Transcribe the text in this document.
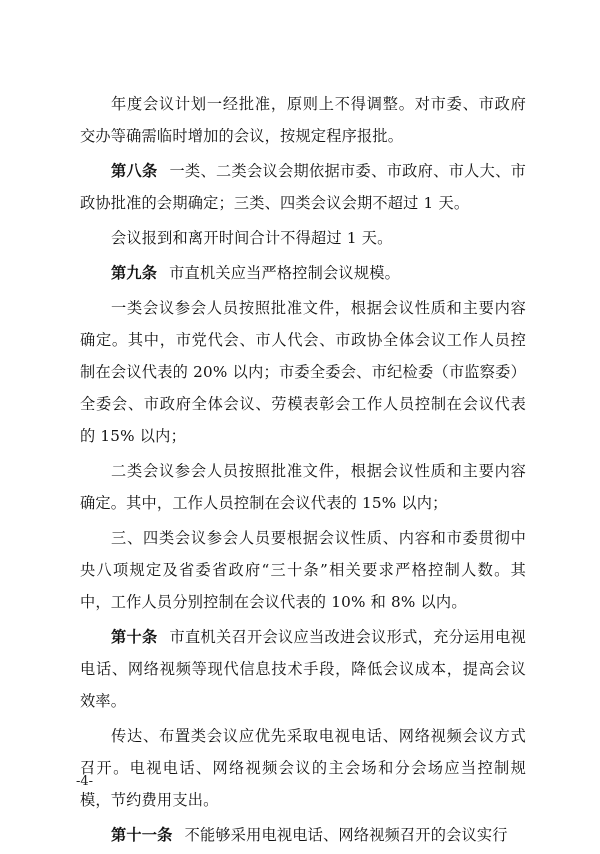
年度会议计划一经批准，原则上不得调整。对市委、市政府交办等确需临时增加的会议，按规定程序报批。

第八条 一类、二类会议会期依据市委、市政府、市人大、市政协批准的会期确定；三类、四类会议会期不超过 1 天。

会议报到和离开时间合计不得超过 1 天。

第九条 市直机关应当严格控制会议规模。

一类会议参会人员按照批准文件，根据会议性质和主要内容确定。其中，市党代会、市人代会、市政协全体会议工作人员控制在会议代表的 20% 以内；市委全委会、市纪检委（市监察委）全委会、市政府全体会议、劳模表彰会工作人员控制在会议代表的 15% 以内；

二类会议参会人员按照批准文件，根据会议性质和主要内容确定。其中，工作人员控制在会议代表的 15% 以内；

三、四类会议参会人员要根据会议性质、内容和市委贯彻中央八项规定及省委省政府“三十条”相关要求严格控制人数。其中，工作人员分别控制在会议代表的 10% 和 8% 以内。

第十条 市直机关召开会议应当改进会议形式，充分运用电视电话、网络视频等现代信息技术手段，降低会议成本，提高会议效率。

传达、布置类会议应优先采取电视电话、网络视频会议方式召开。电视电话、网络视频会议的主会场和分会场应当控制规模，节约费用支出。

第十一条 不能够采用电视电话、网络视频召开的会议实行

-4-
